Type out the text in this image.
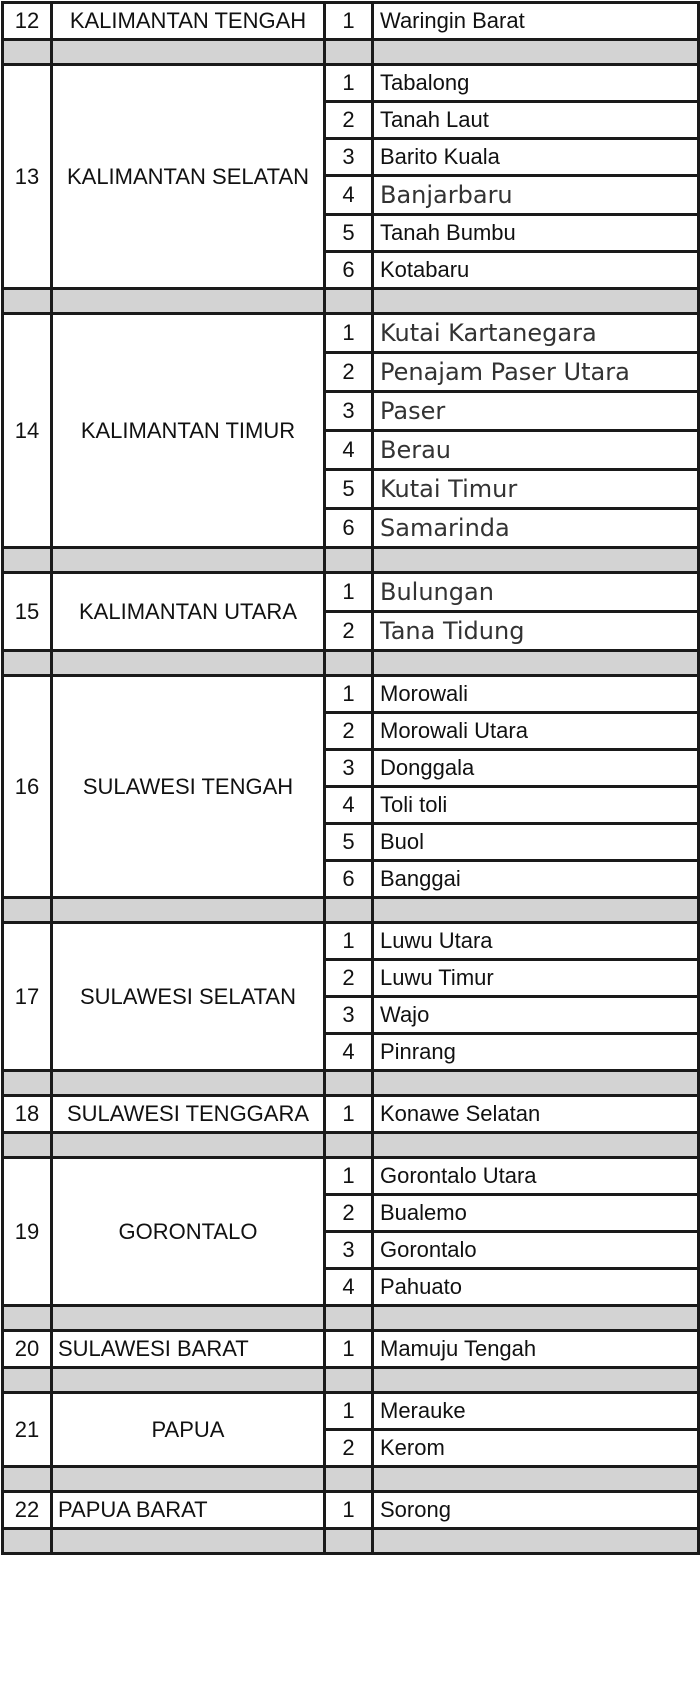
12	KALIMANTAN TENGAH	1	Waringin Barat

13	KALIMANTAN SELATAN	1	Tabalong
		2	Tanah Laut
		3	Barito Kuala
		4	Banjarbaru
		5	Tanah Bumbu
		6	Kotabaru

14	KALIMANTAN TIMUR	1	Kutai Kartanegara
		2	Penajam Paser Utara
		3	Paser
		4	Berau
		5	Kutai Timur
		6	Samarinda

15	KALIMANTAN UTARA	1	Bulungan
		2	Tana Tidung

16	SULAWESI TENGAH	1	Morowali
		2	Morowali Utara
		3	Donggala
		4	Toli toli
		5	Buol
		6	Banggai

17	SULAWESI SELATAN	1	Luwu Utara
		2	Luwu Timur
		3	Wajo
		4	Pinrang

18	SULAWESI TENGGARA	1	Konawe Selatan

19	GORONTALO	1	Gorontalo Utara
		2	Bualemo
		3	Gorontalo
		4	Pahuato

20	SULAWESI BARAT	1	Mamuju Tengah

21	PAPUA	1	Merauke
		2	Kerom

22	PAPUA BARAT	1	Sorong
